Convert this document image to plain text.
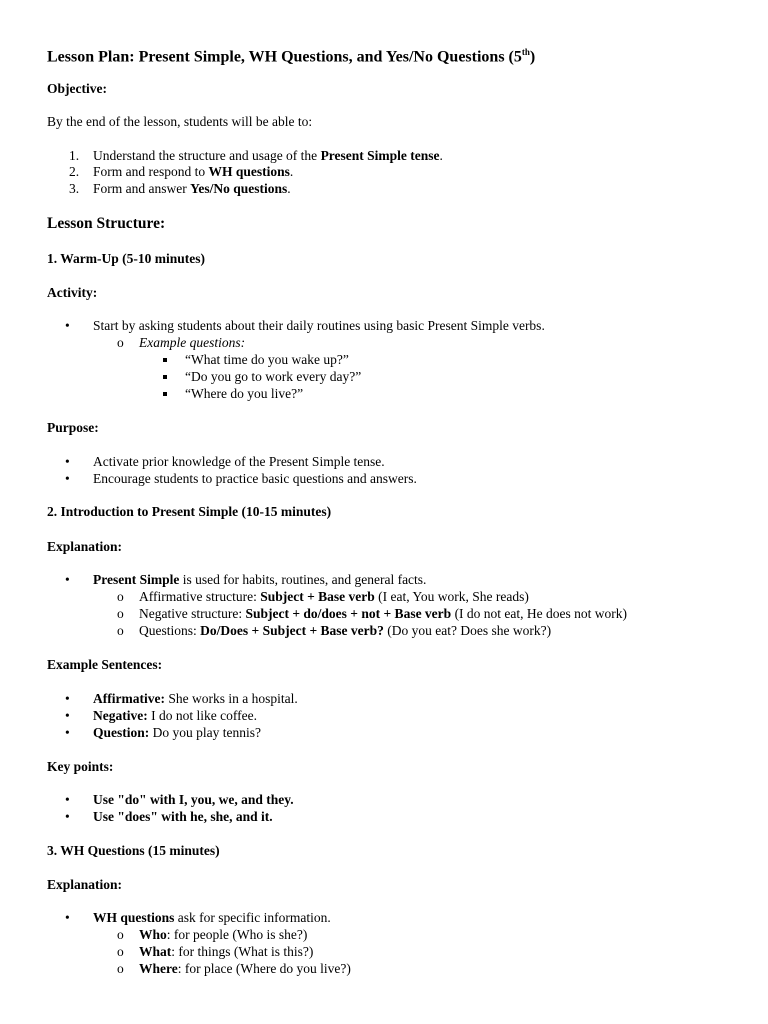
Lesson Plan: Present Simple, WH Questions, and Yes/No Questions (5th)
Objective:
By the end of the lesson, students will be able to:
1. Understand the structure and usage of the Present Simple tense.
2. Form and respond to WH questions.
3. Form and answer Yes/No questions.
Lesson Structure:
1. Warm-Up (5-10 minutes)
Activity:
• Start by asking students about their daily routines using basic Present Simple verbs.
o Example questions:
“What time do you wake up?”
“Do you go to work every day?”
“Where do you live?”
Purpose:
• Activate prior knowledge of the Present Simple tense.
• Encourage students to practice basic questions and answers.
2. Introduction to Present Simple (10-15 minutes)
Explanation:
• Present Simple is used for habits, routines, and general facts.
o Affirmative structure: Subject + Base verb (I eat, You work, She reads)
o Negative structure: Subject + do/does + not + Base verb (I do not eat, He does not work)
o Questions: Do/Does + Subject + Base verb? (Do you eat? Does she work?)
Example Sentences:
• Affirmative: She works in a hospital.
• Negative: I do not like coffee.
• Question: Do you play tennis?
Key points:
• Use "do" with I, you, we, and they.
• Use "does" with he, she, and it.
3. WH Questions (15 minutes)
Explanation:
• WH questions ask for specific information.
o Who: for people (Who is she?)
o What: for things (What is this?)
o Where: for place (Where do you live?)
